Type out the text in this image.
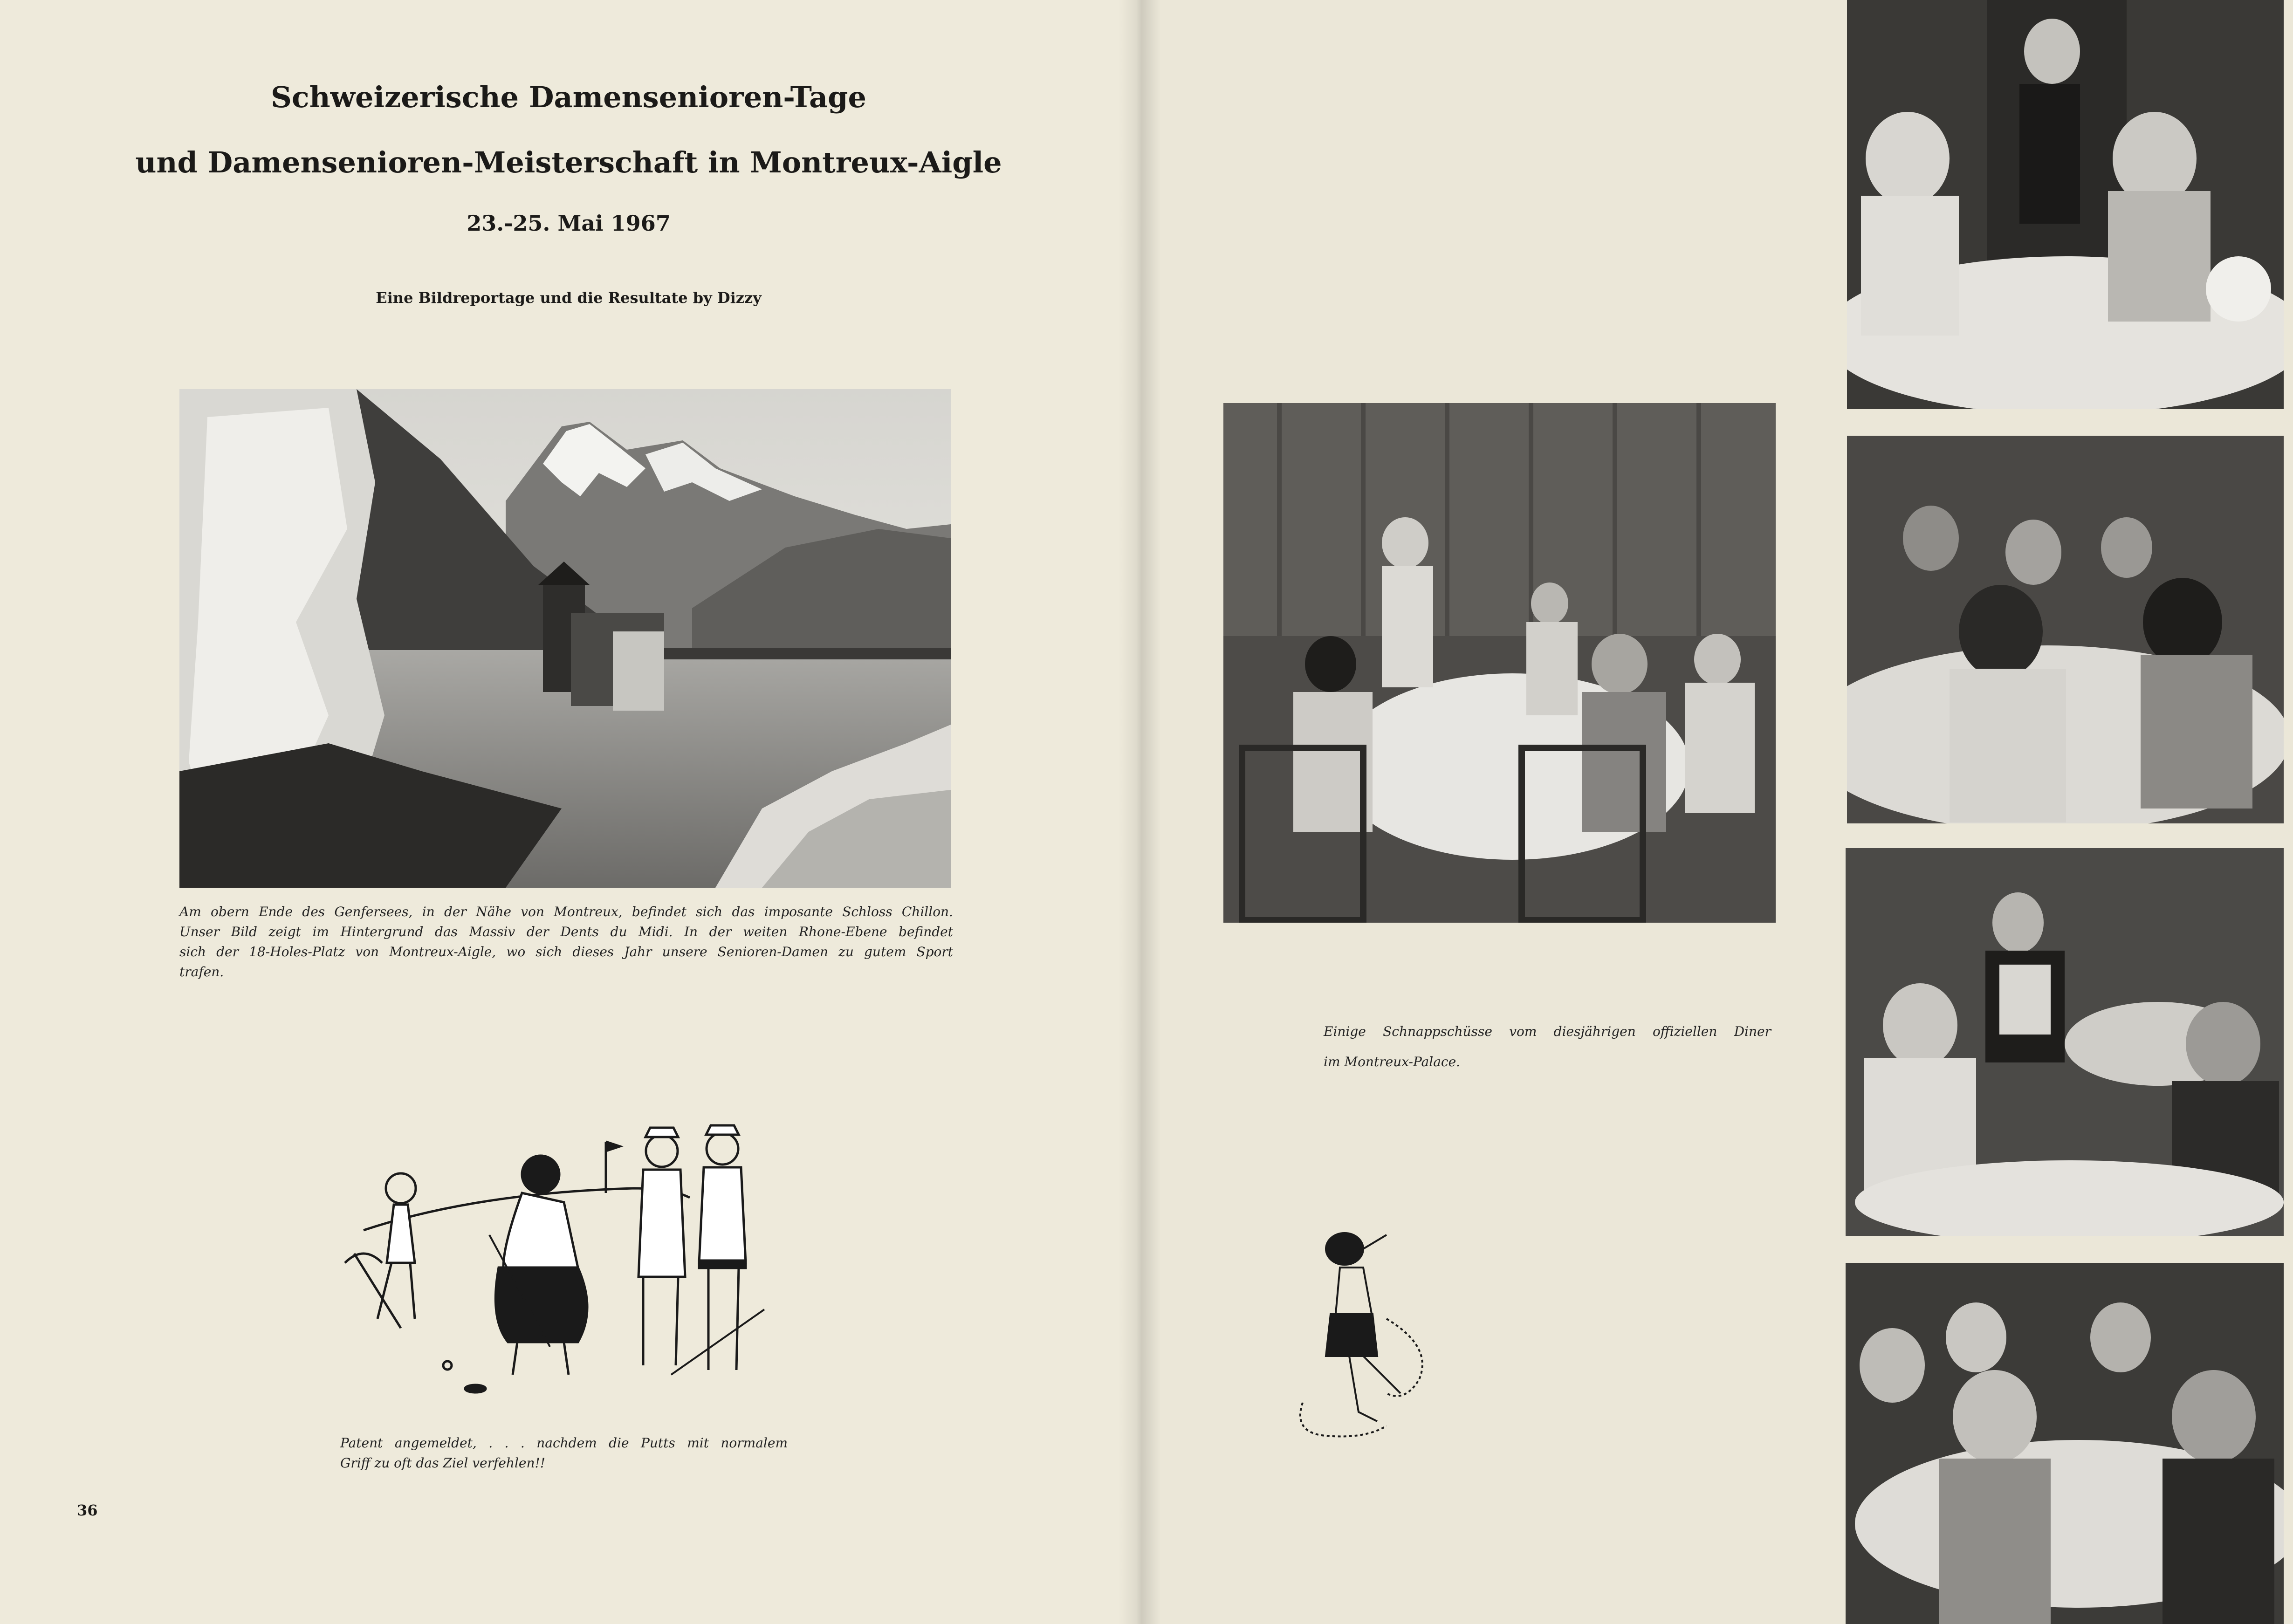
Schweizerische Damensenioren-Tage
und Damensenioren-Meisterschaft in Montreux-Aigle
23.-25. Mai 1967
Eine Bildreportage und die Resultate by Dizzy
Am obern Ende des Genfersees, in der Nähe von Montreux, befindet sich das imposante Schloss Chillon.
Unser Bild zeigt im Hintergrund das Massiv der Dents du Midi. In der weiten Rhone-Ebene befindet
sich der 18-Holes-Platz von Montreux-Aigle, wo sich dieses Jahr unsere Senioren-Damen zu gutem Sport
trafen.
Patent angemeldet, . . . nachdem die Putts mit normalem
Griff zu oft das Ziel verfehlen!!
36
Einige Schnappschüsse vom diesjährigen offiziellen Diner
im Montreux-Palace.
